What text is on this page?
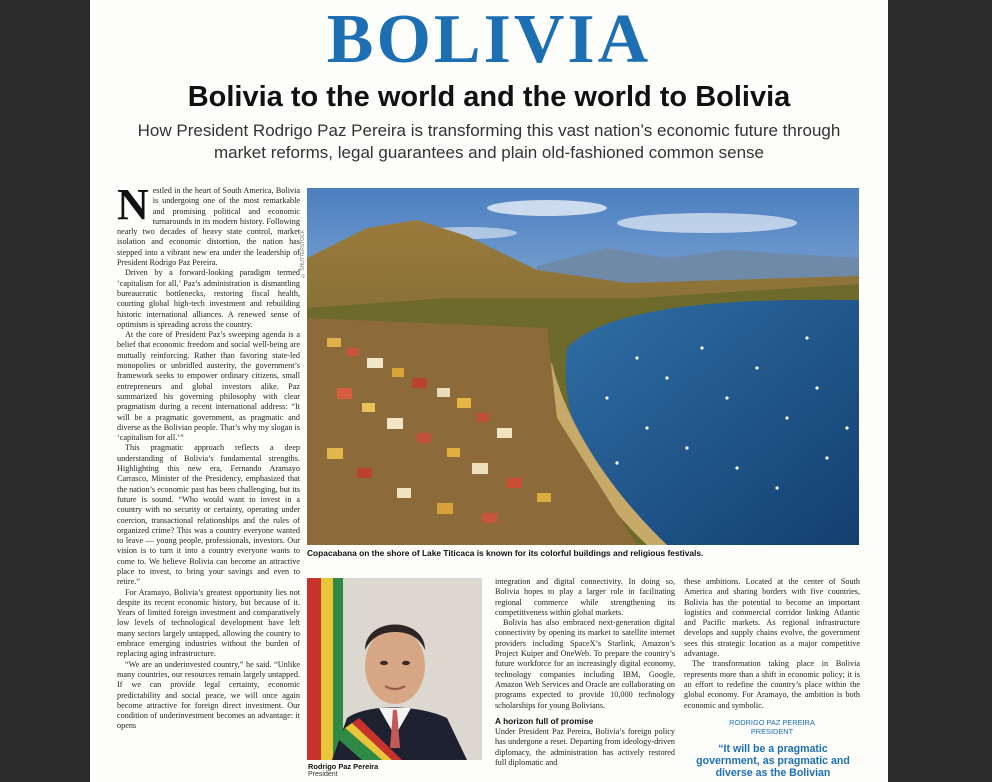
BOLIVIA
Bolivia to the world and the world to Bolivia
How President Rodrigo Paz Pereira is transforming this vast nation’s economic future through market reforms, legal guarantees and plain old-fashioned common sense

Nestled in the heart of South America, Bolivia is undergoing one of the most remarkable and promising political and economic turnarounds in its modern history. Following nearly two decades of heavy state control, market isolation and economic distortion, the nation has stepped into a vibrant new era under the leadership of President Rodrigo Paz Pereira.

Driven by a forward-looking paradigm termed ‘capitalism for all,’ Paz’s administration is dismantling bureaucratic bottlenecks, restoring fiscal health, courting global high-tech investment and rebuilding historic international alliances. A renewed sense of optimism is spreading across the country.

At the core of President Paz’s sweeping agenda is a belief that economic freedom and social well-being are mutually reinforcing. Rather than favoring state-led monopolies or unbridled austerity, the government’s framework seeks to empower ordinary citizens, small entrepreneurs and global investors alike. Paz summarized his governing philosophy with clear pragmatism during a recent international address: “It will be a pragmatic government, as pragmatic and diverse as the Bolivian people. That’s why my slogan is ‘capitalism for all.’”

This pragmatic approach reflects a deep understanding of Bolivia’s fundamental strengths. Highlighting this new era, Fernando Aramayo Carrasco, Minister of the Presidency, emphasized that the nation’s economic past has been challenging, but its future is sound. “Who would want to invest in a country with no security or certainty, operating under coercion, transactional relationships and the rules of organized crime? This was a country everyone wanted to leave — young people, professionals, investors. Our vision is to turn it into a country everyone wants to come to. We believe Bolivia can become an attractive place to invest, to bring your savings and even to retire.”

For Aramayo, Bolivia’s greatest opportunity lies not despite its recent economic history, but because of it. Years of limited foreign investment and comparatively low levels of technological development have left many sectors largely untapped, allowing the country to embrace emerging industries without the burden of replacing aging infrastructure.

“We are an underinvested country,” he said. “Unlike many countries, our resources remain largely untapped. If we can provide legal certainty, economic predictability and social peace, we will once again become attractive for foreign direct investment. Our condition of underinvestment becomes an advantage: it opens

© SHUTTERSTOCK
Copacabana on the shore of Lake Titicaca is known for its colorful buildings and religious festivals.
Rodrigo Paz Pereira
President

integration and digital connectivity. In doing so, Bolivia hopes to play a larger role in facilitating regional commerce while strengthening its competitiveness within global markets.

Bolivia has also embraced next-generation digital connectivity by opening its market to satellite internet providers including SpaceX’s Starlink, Amazon’s Project Kuiper and OneWeb. To prepare the country’s future workforce for an increasingly digital economy, technology companies including IBM, Google, Amazon Web Services and Oracle are collaborating on programs expected to provide 10,000 technology scholarships for young Bolivians.

A horizon full of promise

Under President Paz Pereira, Bolivia’s foreign policy has undergone a reset. Departing from ideology-driven diplomacy, the administration has actively restored full diplomatic and

these ambitions. Located at the center of South America and sharing borders with five countries, Bolivia has the potential to become an important logistics and commercial corridor linking Atlantic and Pacific markets. As regional infrastructure develops and supply chains evolve, the government sees this strategic location as a major competitive advantage.

The transformation taking place in Bolivia represents more than a shift in economic policy; it is an effort to redefine the country’s place within the global economy. For Aramayo, the ambition is both economic and symbolic.

RODRIGO PAZ PEREIRA
PRESIDENT
“It will be a pragmatic government, as pragmatic and diverse as the Bolivian
